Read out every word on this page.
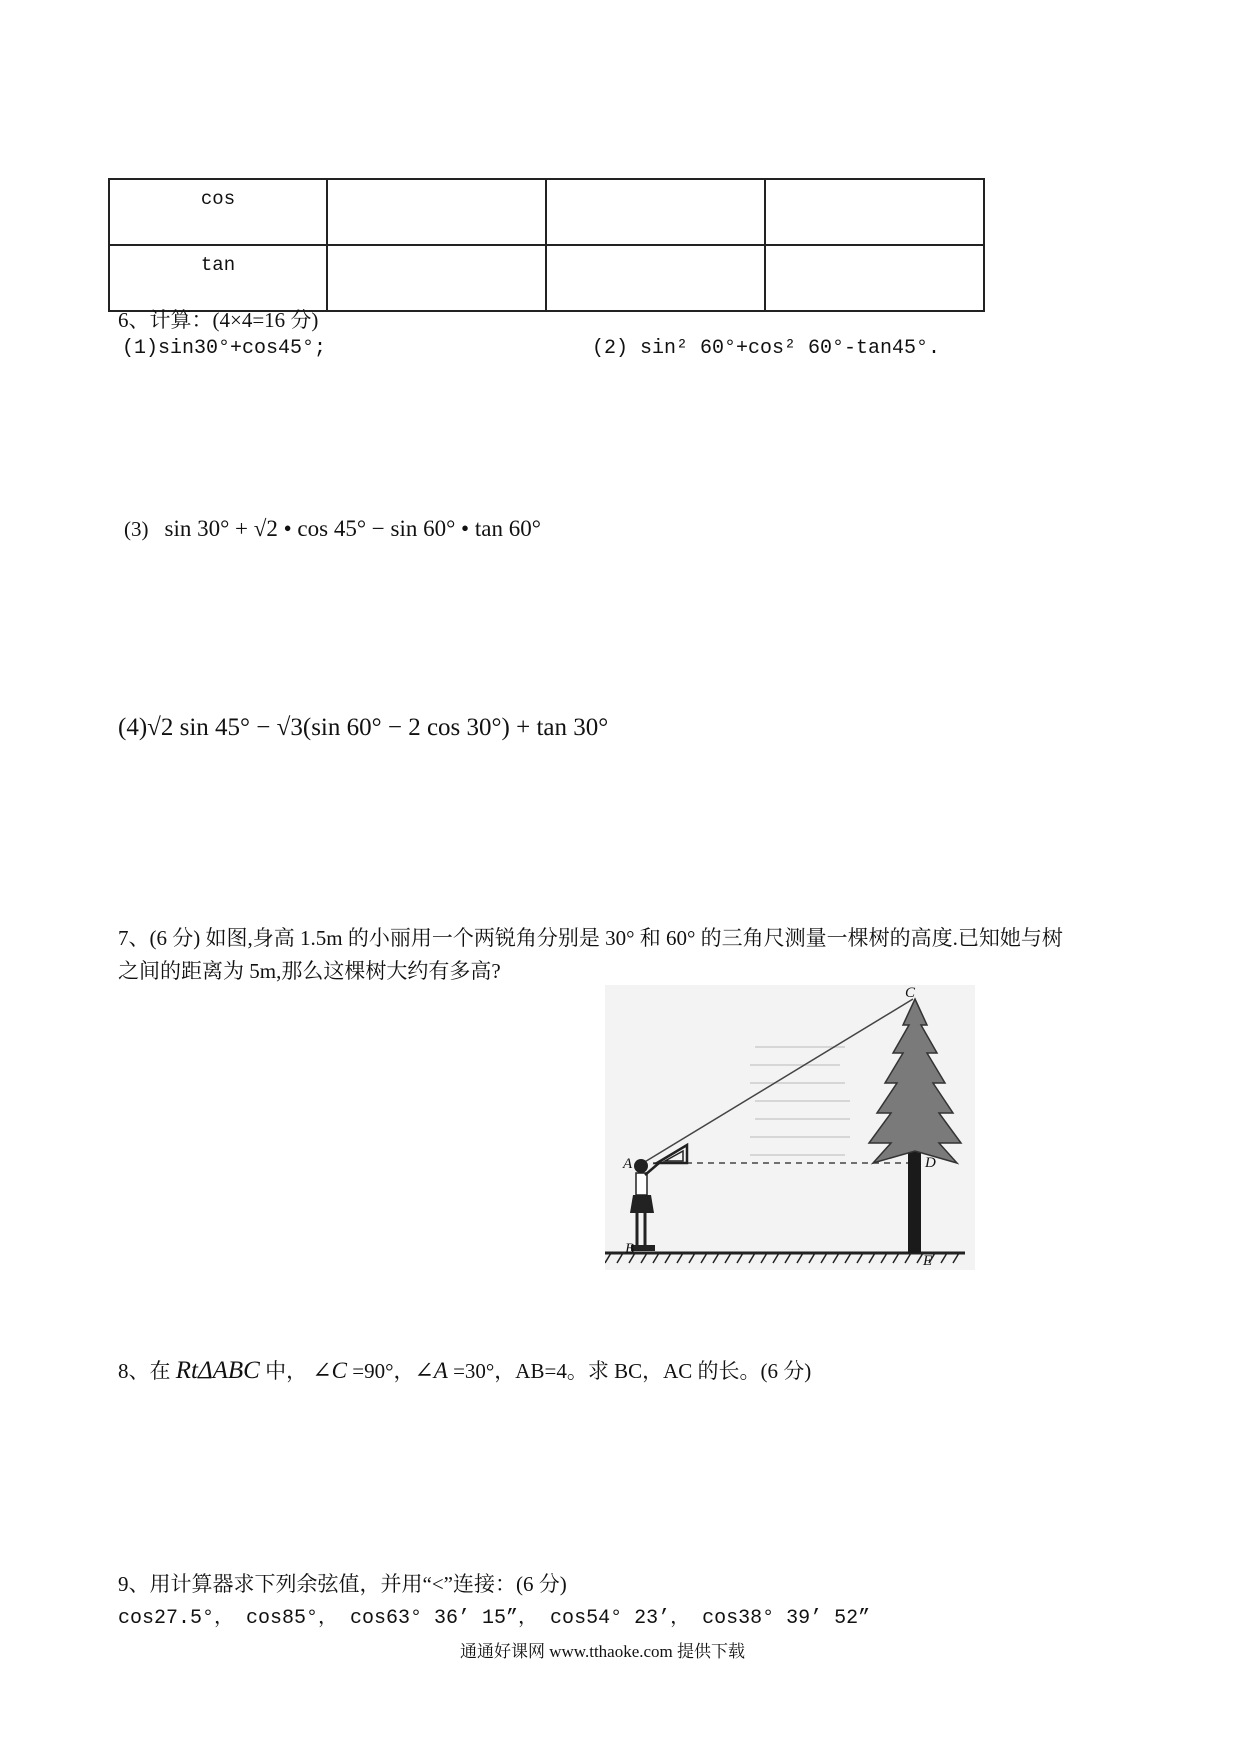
cos			
tan			
6、计算：(4×4=16 分)
(1)sin30°+cos45°;	(2) sin² 60°+cos² 60°-tan45°.
(3) sin 30° + √2 • cos 45° − sin 60° • tan 60°
(4)√2 sin 45° − √3(sin 60° − 2 cos 30°) + tan 30°
7、(6 分) 如图,身高 1.5m 的小丽用一个两锐角分别是 30° 和 60° 的三角尺测量一棵树的高度.已知她与树
之间的距离为 5m,那么这棵树大约有多高?
A
B
C
D
E
8、在 RtΔABC 中， ∠C =90°，∠A =30°，AB=4。求 BC，AC 的长。(6 分)
9、用计算器求下列余弦值，并用“<”连接：(6 分)
cos27.5°， cos85°， cos63° 36’ 15”， cos54° 23’， cos38° 39’ 52”
通通好课网 www.tthaoke.com 提供下载
